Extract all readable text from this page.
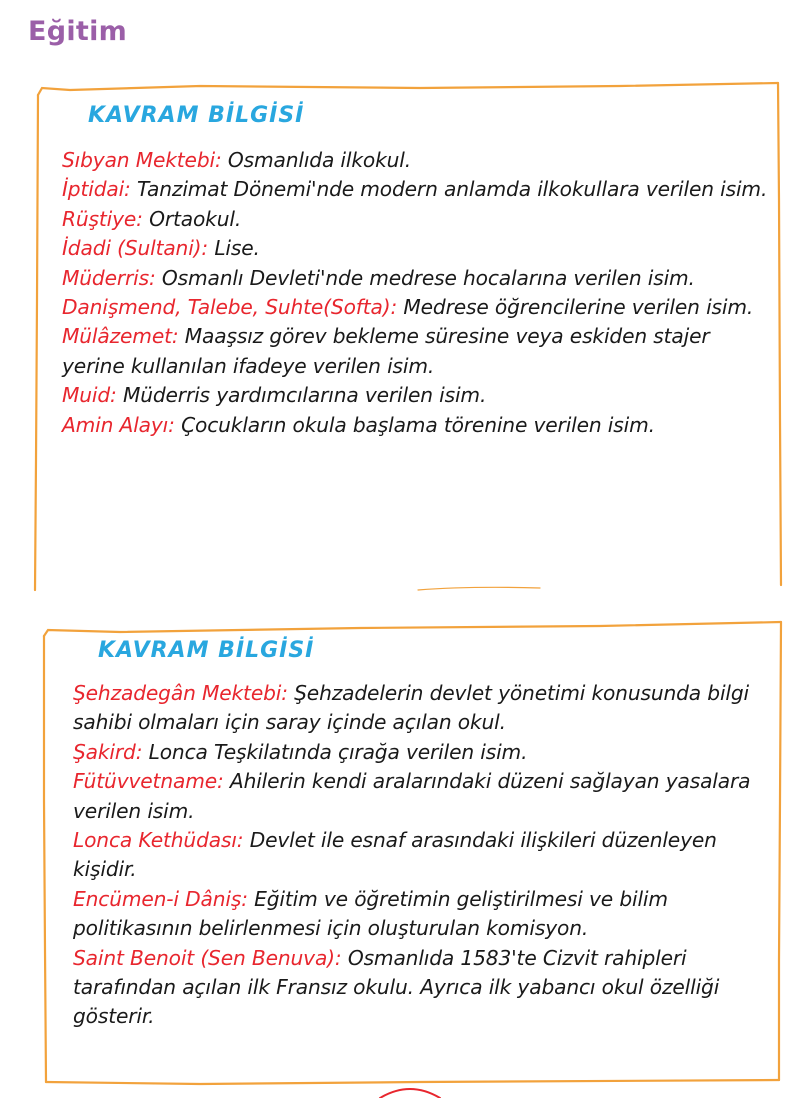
Eğitim
KAVRAM BİLGİSİ

Sıbyan Mektebi: Osmanlıda ilkokul.

İptidai: Tanzimat Dönemi'nde modern anlamda ilkokullara verilen isim.

Rüştiye: Ortaokul.

İdadi (Sultani): Lise.

Müderris: Osmanlı Devleti'nde medrese hocalarına verilen isim.

Danişmend, Talebe, Suhte(Softa): Medrese öğrencilerine verilen isim.

Mülâzemet: Maaşsız görev bekleme süresine veya eskiden stajer yerine kullanılan ifadeye verilen isim.

Muid: Müderris yardımcılarına verilen isim.

Amin Alayı: Çocukların okula başlama törenine verilen isim.

KAVRAM BİLGİSİ

Şehzadegân Mektebi: Şehzadelerin devlet yönetimi konusunda bilgi sahibi olmaları için saray içinde açılan okul.

Şakird: Lonca Teşkilatında çırağa verilen isim.

Fütüvvetname: Ahilerin kendi aralarındaki düzeni sağlayan yasalara verilen isim.

Lonca Kethüdası: Devlet ile esnaf arasındaki ilişkileri düzenleyen kişidir.

Encümen-i Dâniş: Eğitim ve öğretimin geliştirilmesi ve bilim politikasının belirlenmesi için oluşturulan komisyon.

Saint Benoit (Sen Benuva): Osmanlıda 1583'te Cizvit rahipleri tarafından açılan ilk Fransız okulu. Ayrıca ilk yabancı okul özelliği gösterir.
